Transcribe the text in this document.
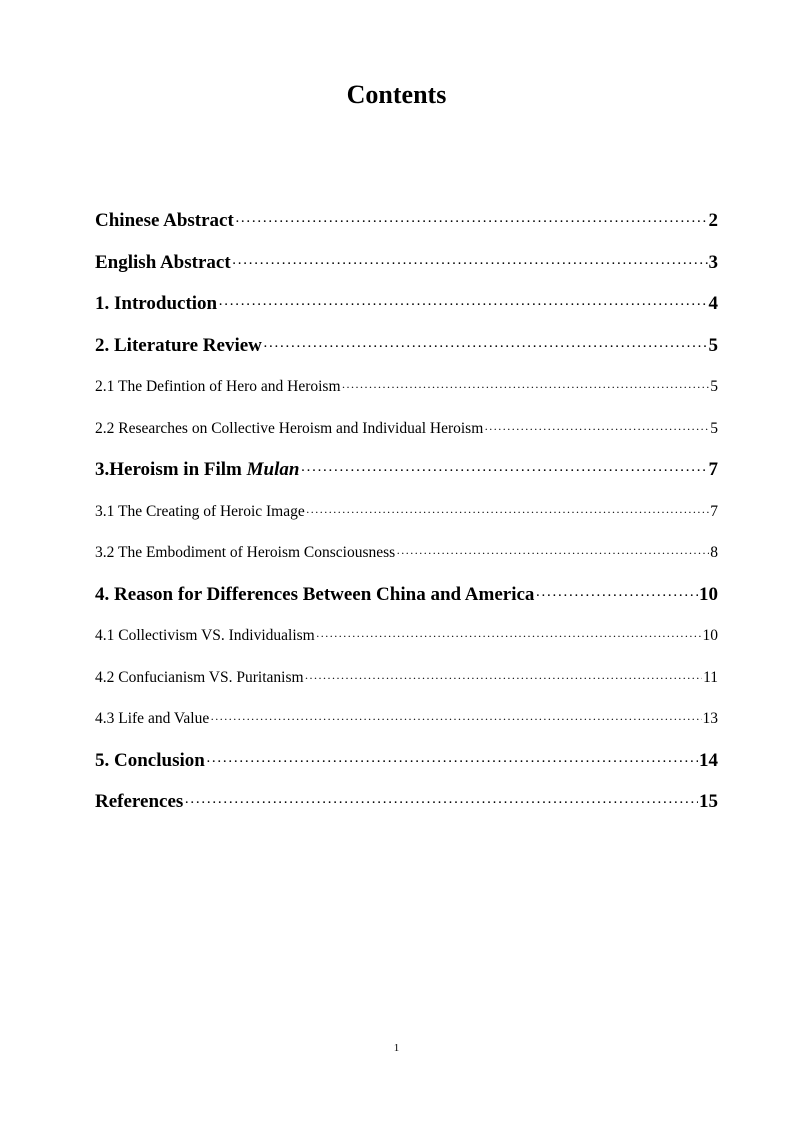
Contents
Chinese Abstract ·····	2
English Abstract ·····	3
1. Introduction ·····	4
2. Literature Review ·····	5
2.1 The Defintion of Hero and Heroism ·····	5
2.2 Researches on Collective Heroism and Individual Heroism ·····	5
3.Heroism in Film Mulan ·····	7
3.1 The Creating of Heroic Image ·····	7
3.2 The Embodiment of Heroism Consciousness ·····	8
4. Reason for Differences Between China and America ·····	10
4.1 Collectivism VS. Individualism ·····	10
4.2 Confucianism VS. Puritanism ·····	11
4.3 Life and Value ·····	13
5. Conclusion ·····	14
References ·····	15
1
